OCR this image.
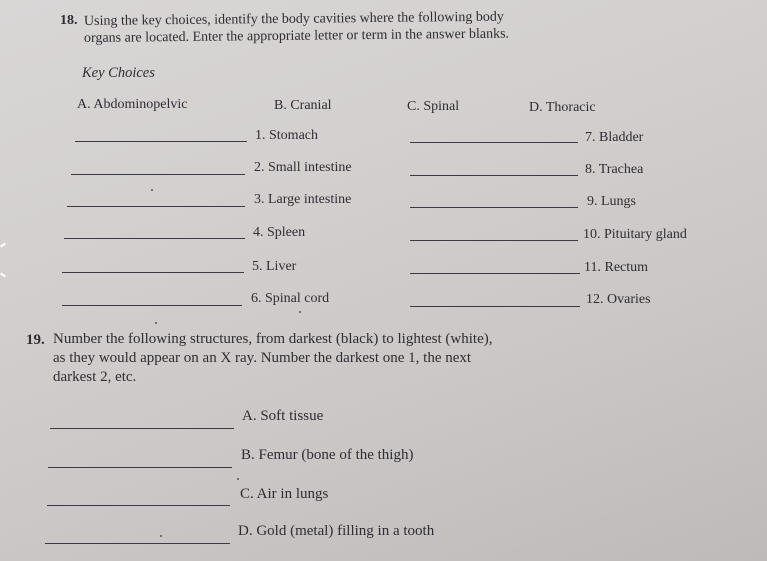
18. Using the key choices, identify the body cavities where the following body
organs are located. Enter the appropriate letter or term in the answer blanks.
Key Choices
A. Abdominopelvic	B. Cranial	C. Spinal	D. Thoracic
1. Stomach
2. Small intestine
3. Large intestine
4. Spleen
5. Liver
6. Spinal cord
7. Bladder
8. Trachea
9. Lungs
10. Pituitary gland
11. Rectum
12. Ovaries
19. Number the following structures, from darkest (black) to lightest (white),
as they would appear on an X ray. Number the darkest one 1, the next
darkest 2, etc.
A. Soft tissue
B. Femur (bone of the thigh)
C. Air in lungs
D. Gold (metal) filling in a tooth
